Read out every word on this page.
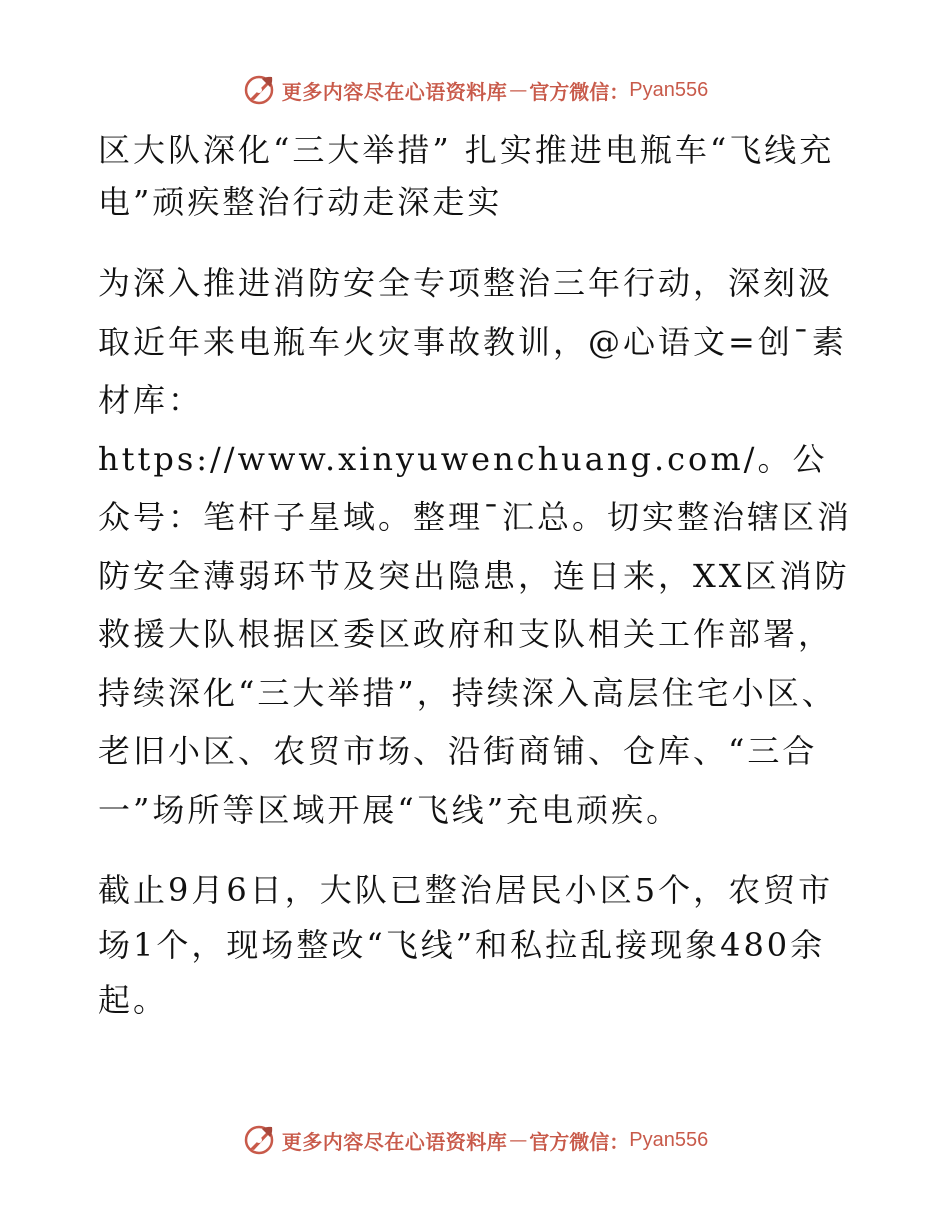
更多内容尽在心语资料库 — 官方微信： Pyan556

区大队深化“三大举措” 扎实推进电瓶车“飞线充电”顽疾整治行动走深走实

为深入推进消防安全专项整治三年行动，深刻汲取近年来电瓶车火灾事故教训，@心语文=创¯素材库：https://www.xinyuwenchuang.com/。公众号：笔杆子星域。整理¯汇总。切实整治辖区消防安全薄弱环节及突出隐患，连日来，XX区消防救援大队根据区委区政府和支队相关工作部署，持续深化“三大举措”，持续深入高层住宅小区、老旧小区、农贸市场、沿街商铺、仓库、“三合一”场所等区域开展“飞线”充电顽疾。

截止9月6日，大队已整治居民小区5个，农贸市场1个，现场整改“飞线”和私拉乱接现象480余起。

更多内容尽在心语资料库 — 官方微信： Pyan556
